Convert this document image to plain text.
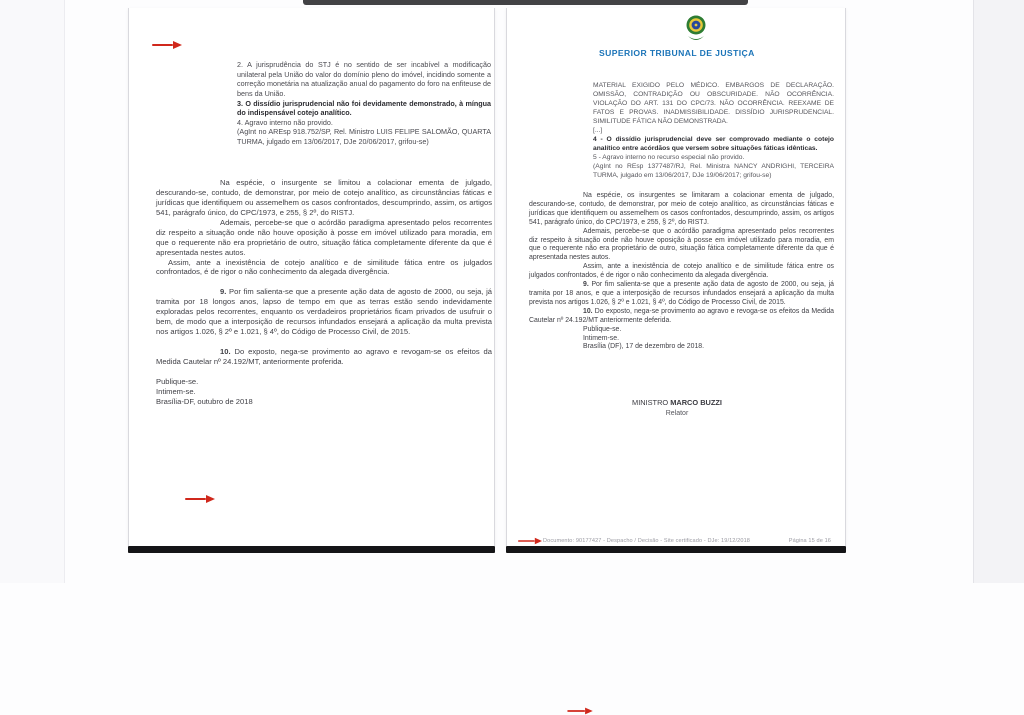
2. A jurisprudência do STJ é no sentido de ser incabível a modificação unilateral pela União do valor do domínio pleno do imóvel, incidindo somente a correção monetária na atualização anual do pagamento do foro na enfiteuse de bens da União.

3. O dissídio jurisprudencial não foi devidamente demonstrado, à míngua do indispensável cotejo analítico.

4. Agravo interno não provido.

(AgInt no AREsp 918.752/SP, Rel. Ministro LUIS FELIPE SALOMÃO, QUARTA TURMA, julgado em 13/06/2017, DJe 20/06/2017, grifou-se)

Na espécie, o insurgente se limitou a colacionar ementa de julgado, descurando-se, contudo, de demonstrar, por meio de cotejo analítico, as circunstâncias fáticas e jurídicas que identifiquem ou assemelhem os casos confrontados, descumprindo, assim, os artigos 541, parágrafo único, do CPC/1973, e 255, § 2º, do RISTJ.

Ademais, percebe-se que o acórdão paradigma apresentado pelos recorrentes diz respeito a situação onde não houve oposição à posse em imóvel utilizado para moradia, em que o requerente não era proprietário de outro, situação fática completamente diferente da que é apresentada nestes autos.

Assim, ante a inexistência de cotejo analítico e de similitude fática entre os julgados confrontados, é de rigor o não conhecimento da alegada divergência.

9. Por fim salienta-se que a presente ação data de agosto de 2000, ou seja, já tramita por 18 longos anos, lapso de tempo em que as terras estão sendo indevidamente exploradas pelos recorrentes, enquanto os verdadeiros proprietários ficam privados de usufruir o bem, de modo que a interposição de recursos infundados ensejará a aplicação da multa prevista nos artigos 1.026, § 2º e 1.021, § 4º, do Código de Processo Civil, de 2015.

10. Do exposto, nega-se provimento ao agravo e revogam-se os efeitos da Medida Cautelar nº 24.192/MT, anteriormente proferida.

Publique-se.

Intimem-se.

Brasília-DF, outubro de 2018

SUPERIOR TRIBUNAL DE JUSTIÇA

MATERIAL EXIGIDO PELO MÉDICO. EMBARGOS DE DECLARAÇÃO. OMISSÃO, CONTRADIÇÃO OU OBSCURIDADE. NÃO OCORRÊNCIA. VIOLAÇÃO DO ART. 131 DO CPC/73. NÃO OCORRÊNCIA. REEXAME DE FATOS E PROVAS. INADMISSIBILIDADE. DISSÍDIO JURISPRUDENCIAL. SIMILITUDE FÁTICA NÃO DEMONSTRADA.

[...]

4 - O dissídio jurisprudencial deve ser comprovado mediante o cotejo analítico entre acórdãos que versem sobre situações fáticas idênticas.

5 - Agravo interno no recurso especial não provido.

(AgInt no REsp 1377487/RJ, Rel. Ministra NANCY ANDRIGHI, TERCEIRA TURMA, julgado em 13/06/2017, DJe 19/06/2017; grifou-se)

Na espécie, os insurgentes se limitaram a colacionar ementa de julgado, descurando-se, contudo, de demonstrar, por meio de cotejo analítico, as circunstâncias fáticas e jurídicas que identifiquem ou assemelhem os casos confrontados, descumprindo, assim, os artigos 541, parágrafo único, do CPC/1973, e 255, § 2º, do RISTJ.

Ademais, percebe-se que o acórdão paradigma apresentado pelos recorrentes diz respeito à situação onde não houve oposição à posse em imóvel utilizado para moradia, em que o requerente não era proprietário de outro, situação fática completamente diferente da que é apresentada nestes autos.

Assim, ante a inexistência de cotejo analítico e de similitude fática entre os julgados confrontados, é de rigor o não conhecimento da alegada divergência.

9. Por fim salienta-se que a presente ação data de agosto de 2000, ou seja, já tramita por 18 anos, e que a interposição de recursos infundados ensejará a aplicação da multa prevista nos artigos 1.026, § 2º e 1.021, § 4º, do Código de Processo Civil, de 2015.

10. Do exposto, nega-se provimento ao agravo e revoga-se os efeitos da Medida Cautelar nº 24.192/MT anteriormente deferida.

Publique-se.

Intimem-se.

Brasília (DF), 17 de dezembro de 2018.

MINISTRO MARCO BUZZI
Relator
Documento: 90177427 - Despacho / Decisão - Site certificado - DJe: 19/12/2018	Página 15 de 16
